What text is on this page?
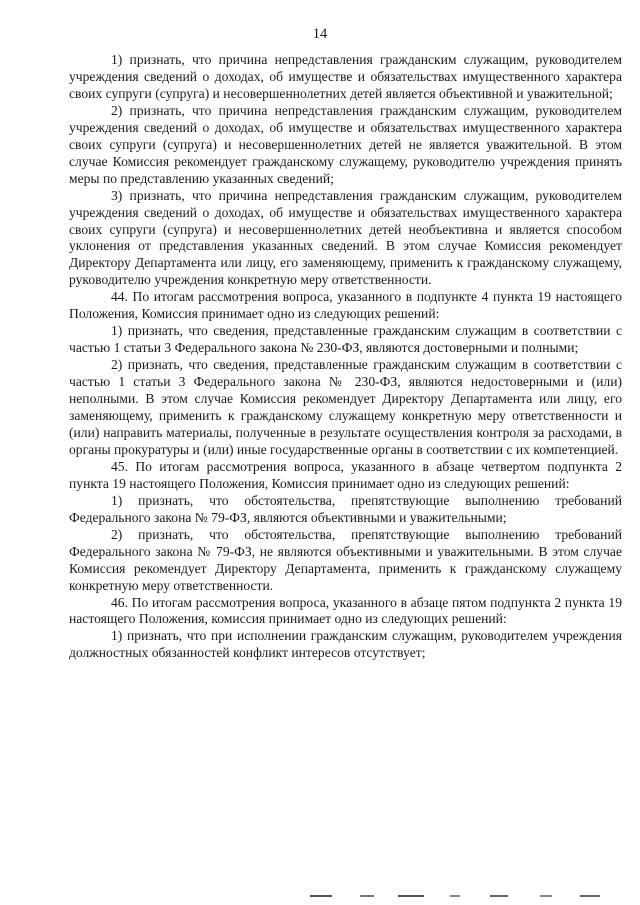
14

1) признать, что причина непредставления гражданским служащим, руководителем учреждения сведений о доходах, об имуществе и обязательствах имущественного характера своих супруги (супруга) и несовершеннолетних детей является объективной и уважительной;

2) признать, что причина непредставления гражданским служащим, руководителем учреждения сведений о доходах, об имуществе и обязательствах имущественного характера своих супруги (супруга) и несовершеннолетних детей не является уважительной. В этом случае Комиссия рекомендует гражданскому служащему, руководителю учреждения принять меры по представлению указанных сведений;

3) признать, что причина непредставления гражданским служащим, руководителем учреждения сведений о доходах, об имуществе и обязательствах имущественного характера своих супруги (супруга) и несовершеннолетних детей необъективна и является способом уклонения от представления указанных сведений. В этом случае Комиссия рекомендует Директору Департамента или лицу, его заменяющему, применить к гражданскому служащему, руководителю учреждения конкретную меру ответственности.

44. По итогам рассмотрения вопроса, указанного в подпункте 4 пункта 19 настоящего Положения, Комиссия принимает одно из следующих решений:

1) признать, что сведения, представленные гражданским служащим в соответствии с частью 1 статьи 3 Федерального закона № 230-ФЗ, являются достоверными и полными;

2) признать, что сведения, представленные гражданским служащим в соответствии с частью 1 статьи 3 Федерального закона № 230-ФЗ, являются недостоверными и (или) неполными. В этом случае Комиссия рекомендует Директору Департамента или лицу, его заменяющему, применить к гражданскому служащему конкретную меру ответственности и (или) направить материалы, полученные в результате осуществления контроля за расходами, в органы прокуратуры и (или) иные государственные органы в соответствии с их компетенцией.

45. По итогам рассмотрения вопроса, указанного в абзаце четвертом подпункта 2 пункта 19 настоящего Положения, Комиссия принимает одно из следующих решений:

1) признать, что обстоятельства, препятствующие выполнению требований Федерального закона № 79-ФЗ, являются объективными и уважительными;

2) признать, что обстоятельства, препятствующие выполнению требований Федерального закона № 79-ФЗ, не являются объективными и уважительными. В этом случае Комиссия рекомендует Директору Департамента, применить к гражданскому служащему конкретную меру ответственности.

46. По итогам рассмотрения вопроса, указанного в абзаце пятом подпункта 2 пункта 19 настоящего Положения, комиссия принимает одно из следующих решений:

1) признать, что при исполнении гражданским служащим, руководителем учреждения должностных обязанностей конфликт интересов отсутствует;
